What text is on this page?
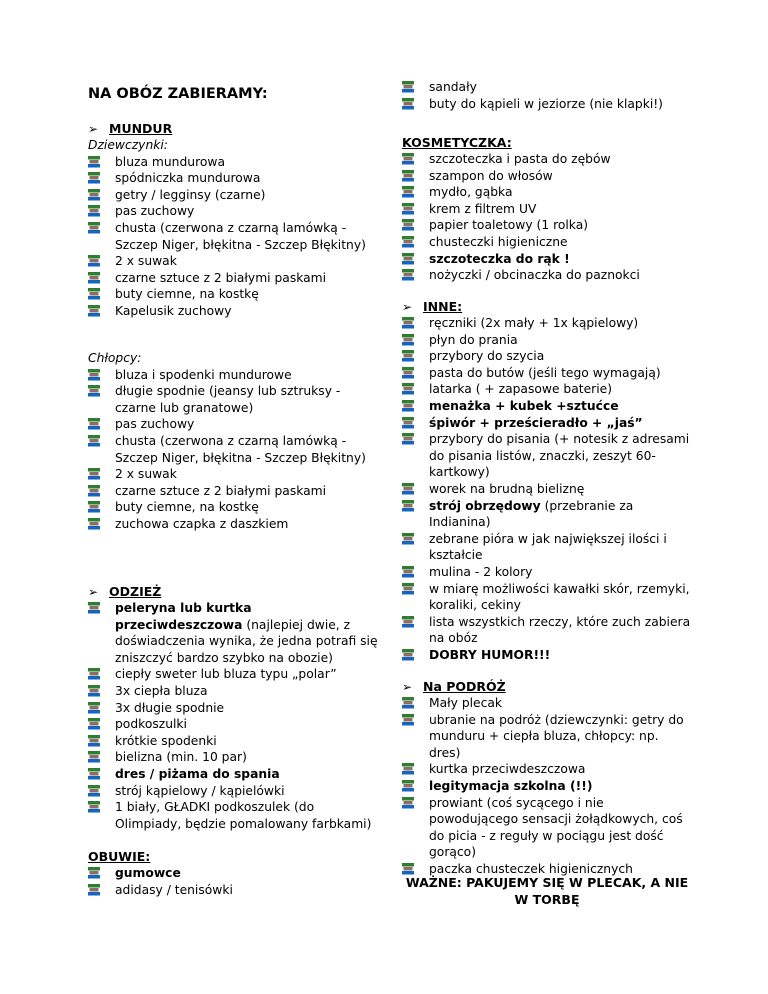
NA OBÓZ ZABIERAMY:
➢ MUNDUR
Dziewczynki:
bluza mundurowa
spódniczka mundurowa
getry / legginsy (czarne)
pas zuchowy
chusta (czerwona z czarną lamówką - Szczep Niger, błękitna - Szczep Błękitny)
2 x suwak
czarne sztuce z 2 białymi paskami
buty ciemne, na kostkę
Kapelusik zuchowy
Chłopcy:
bluza i spodenki mundurowe
długie spodnie (jeansy lub sztruksy - czarne lub granatowe)
pas zuchowy
chusta (czerwona z czarną lamówką - Szczep Niger, błękitna - Szczep Błękitny)
2 x suwak
czarne sztuce z 2 białymi paskami
buty ciemne, na kostkę
zuchowa czapka z daszkiem
➢ ODZIEŻ
peleryna lub kurtka przeciwdeszczowa (najlepiej dwie, z doświadczenia wynika, że jedna potrafi się zniszczyć bardzo szybko na obozie)
ciepły sweter lub bluza typu „polar”
3x ciepła bluza
3x długie spodnie
podkoszulki
krótkie spodenki
bielizna (min. 10 par)
dres / piżama do spania
strój kąpielowy / kąpielówki
1 biały, GŁADKI podkoszulek (do Olimpiady, będzie pomalowany farbkami)
OBUWIE:
gumowce
adidasy / tenisówki
sandały
buty do kąpieli w jeziorze (nie klapki!)
KOSMETYCZKA:
szczoteczka i pasta do zębów
szampon do włosów
mydło, gąbka
krem z filtrem UV
papier toaletowy (1 rolka)
chusteczki higieniczne
szczoteczka do rąk !
nożyczki / obcinaczka do paznokci
➢ INNE:
ręczniki (2x mały + 1x kąpielowy)
płyn do prania
przybory do szycia
pasta do butów (jeśli tego wymagają)
latarka ( + zapasowe baterie)
menażka + kubek +sztućce
śpiwór + prześcieradło + „jaś”
przybory do pisania (+ notesik z adresami do pisania listów, znaczki, zeszyt 60-kartkowy)
worek na brudną bieliznę
strój obrzędowy (przebranie za Indianina)
zebrane pióra w jak największej ilości i kształcie
mulina - 2 kolory
w miarę możliwości kawałki skór, rzemyki, koraliki, cekiny
lista wszystkich rzeczy, które zuch zabiera na obóz
DOBRY HUMOR!!!
➢ Na PODRÓŻ
Mały plecak
ubranie na podróż (dziewczynki: getry do munduru + ciepła bluza, chłopcy: np. dres)
kurtka przeciwdeszczowa
legitymacja szkolna (!!)
prowiant (coś sycącego i nie powodującego sensacji żołądkowych, coś do picia - z reguły w pociągu jest dość gorąco)
paczka chusteczek higienicznych
WAŻNE: PAKUJEMY SIĘ W PLECAK, A NIE W TORBĘ
